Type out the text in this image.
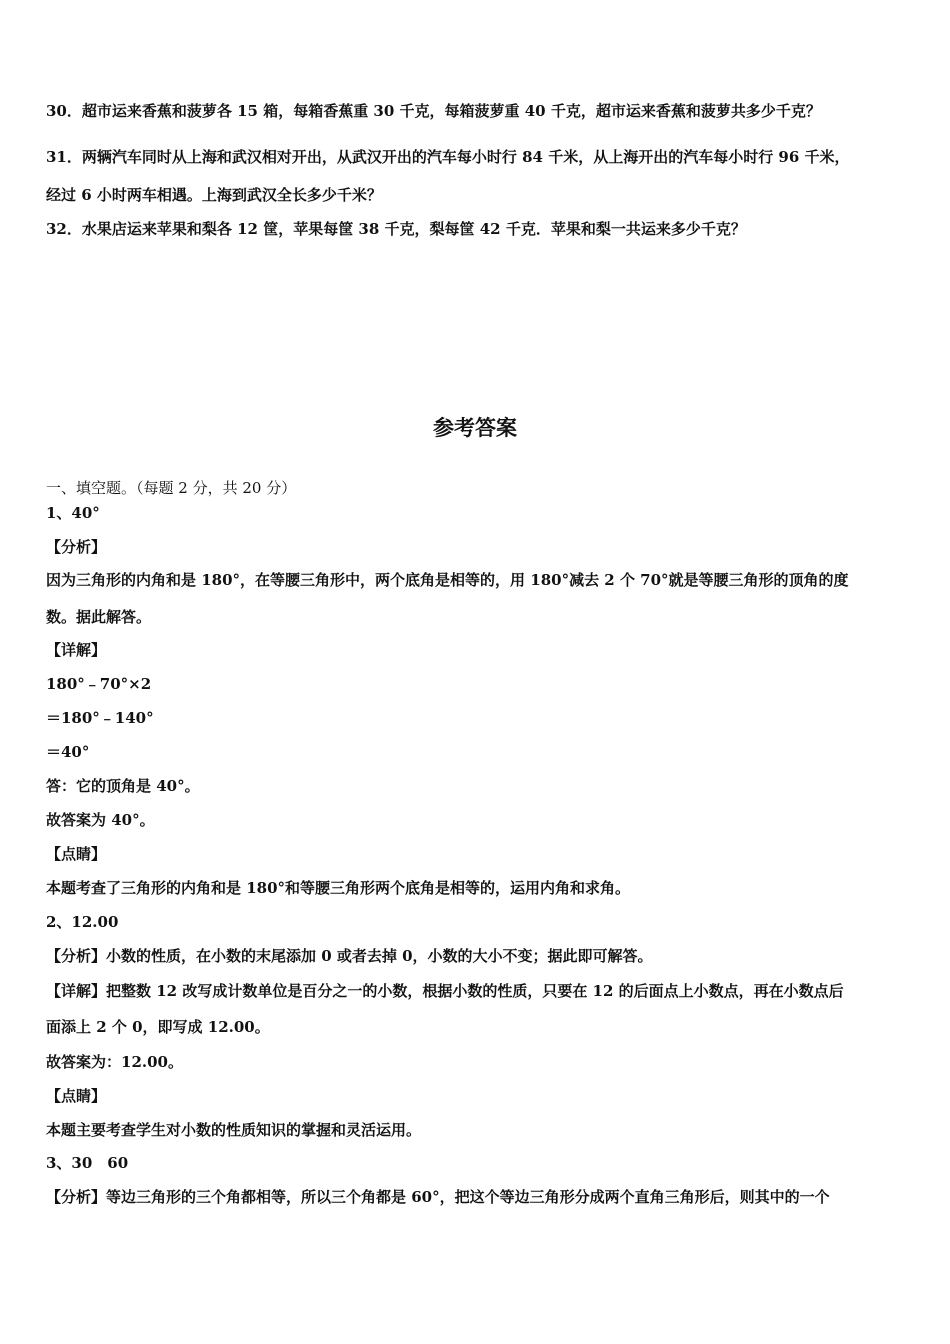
30．超市运来香蕉和菠萝各 15 箱，每箱香蕉重 30 千克，每箱菠萝重 40 千克，超市运来香蕉和菠萝共多少千克？
31．两辆汽车同时从上海和武汉相对开出，从武汉开出的汽车每小时行 84 千米，从上海开出的汽车每小时行 96 千米，
经过 6 小时两车相遇。上海到武汉全长多少千米？
32．水果店运来苹果和梨各 12 筐，苹果每筐 38 千克，梨每筐 42 千克．苹果和梨一共运来多少千克？
参考答案
一、填空题。（每题 2 分，共 20 分）
1、40°
【分析】
因为三角形的内角和是 180°，在等腰三角形中，两个底角是相等的，用 180°减去 2 个 70°就是等腰三角形的顶角的度
数。据此解答。
【详解】
180°﹣70°×2
＝180°﹣140°
＝40°
答：它的顶角是 40°。
故答案为 40°。
【点睛】
本题考查了三角形的内角和是 180°和等腰三角形两个底角是相等的，运用内角和求角。
2、12.00
【分析】小数的性质，在小数的末尾添加 0 或者去掉 0，小数的大小不变；据此即可解答。
【详解】把整数 12 改写成计数单位是百分之一的小数，根据小数的性质，只要在 12 的后面点上小数点，再在小数点后
面添上 2 个 0，即写成 12.00。
故答案为：12.00。
【点睛】
本题主要考查学生对小数的性质知识的掌握和灵活运用。
3、30　60
【分析】等边三角形的三个角都相等，所以三个角都是 60°，把这个等边三角形分成两个直角三角形后，则其中的一个
